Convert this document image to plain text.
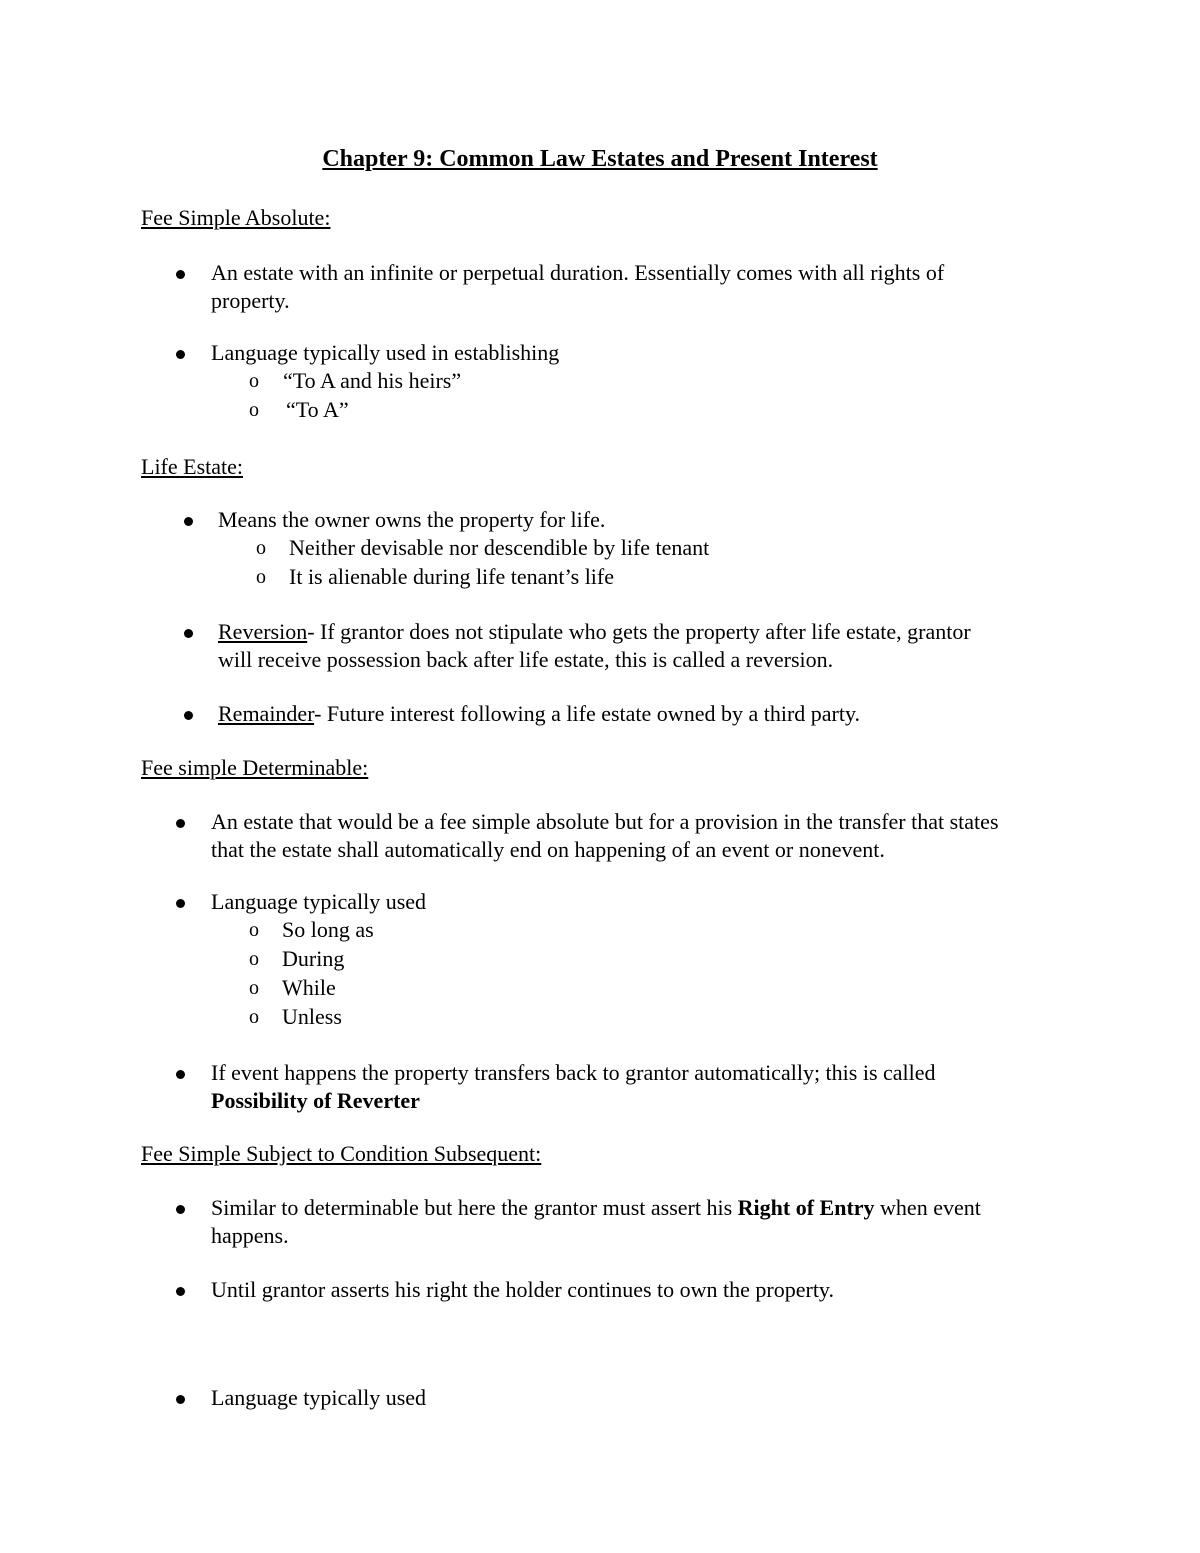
Chapter 9: Common Law Estates and Present Interest
Fee Simple Absolute:
An estate with an infinite or perpetual duration. Essentially comes with all rights of
property.
Language typically used in establishing
o “To A and his heirs”
o “To A”
Life Estate:
Means the owner owns the property for life.
o Neither devisable nor descendible by life tenant
o It is alienable during life tenant’s life
Reversion- If grantor does not stipulate who gets the property after life estate, grantor
will receive possession back after life estate, this is called a reversion.
Remainder- Future interest following a life estate owned by a third party.
Fee simple Determinable:
An estate that would be a fee simple absolute but for a provision in the transfer that states
that the estate shall automatically end on happening of an event or nonevent.
Language typically used
o So long as
o During
o While
o Unless
If event happens the property transfers back to grantor automatically; this is called
Possibility of Reverter
Fee Simple Subject to Condition Subsequent:
Similar to determinable but here the grantor must assert his Right of Entry when event
happens.
Until grantor asserts his right the holder continues to own the property.
Language typically used
